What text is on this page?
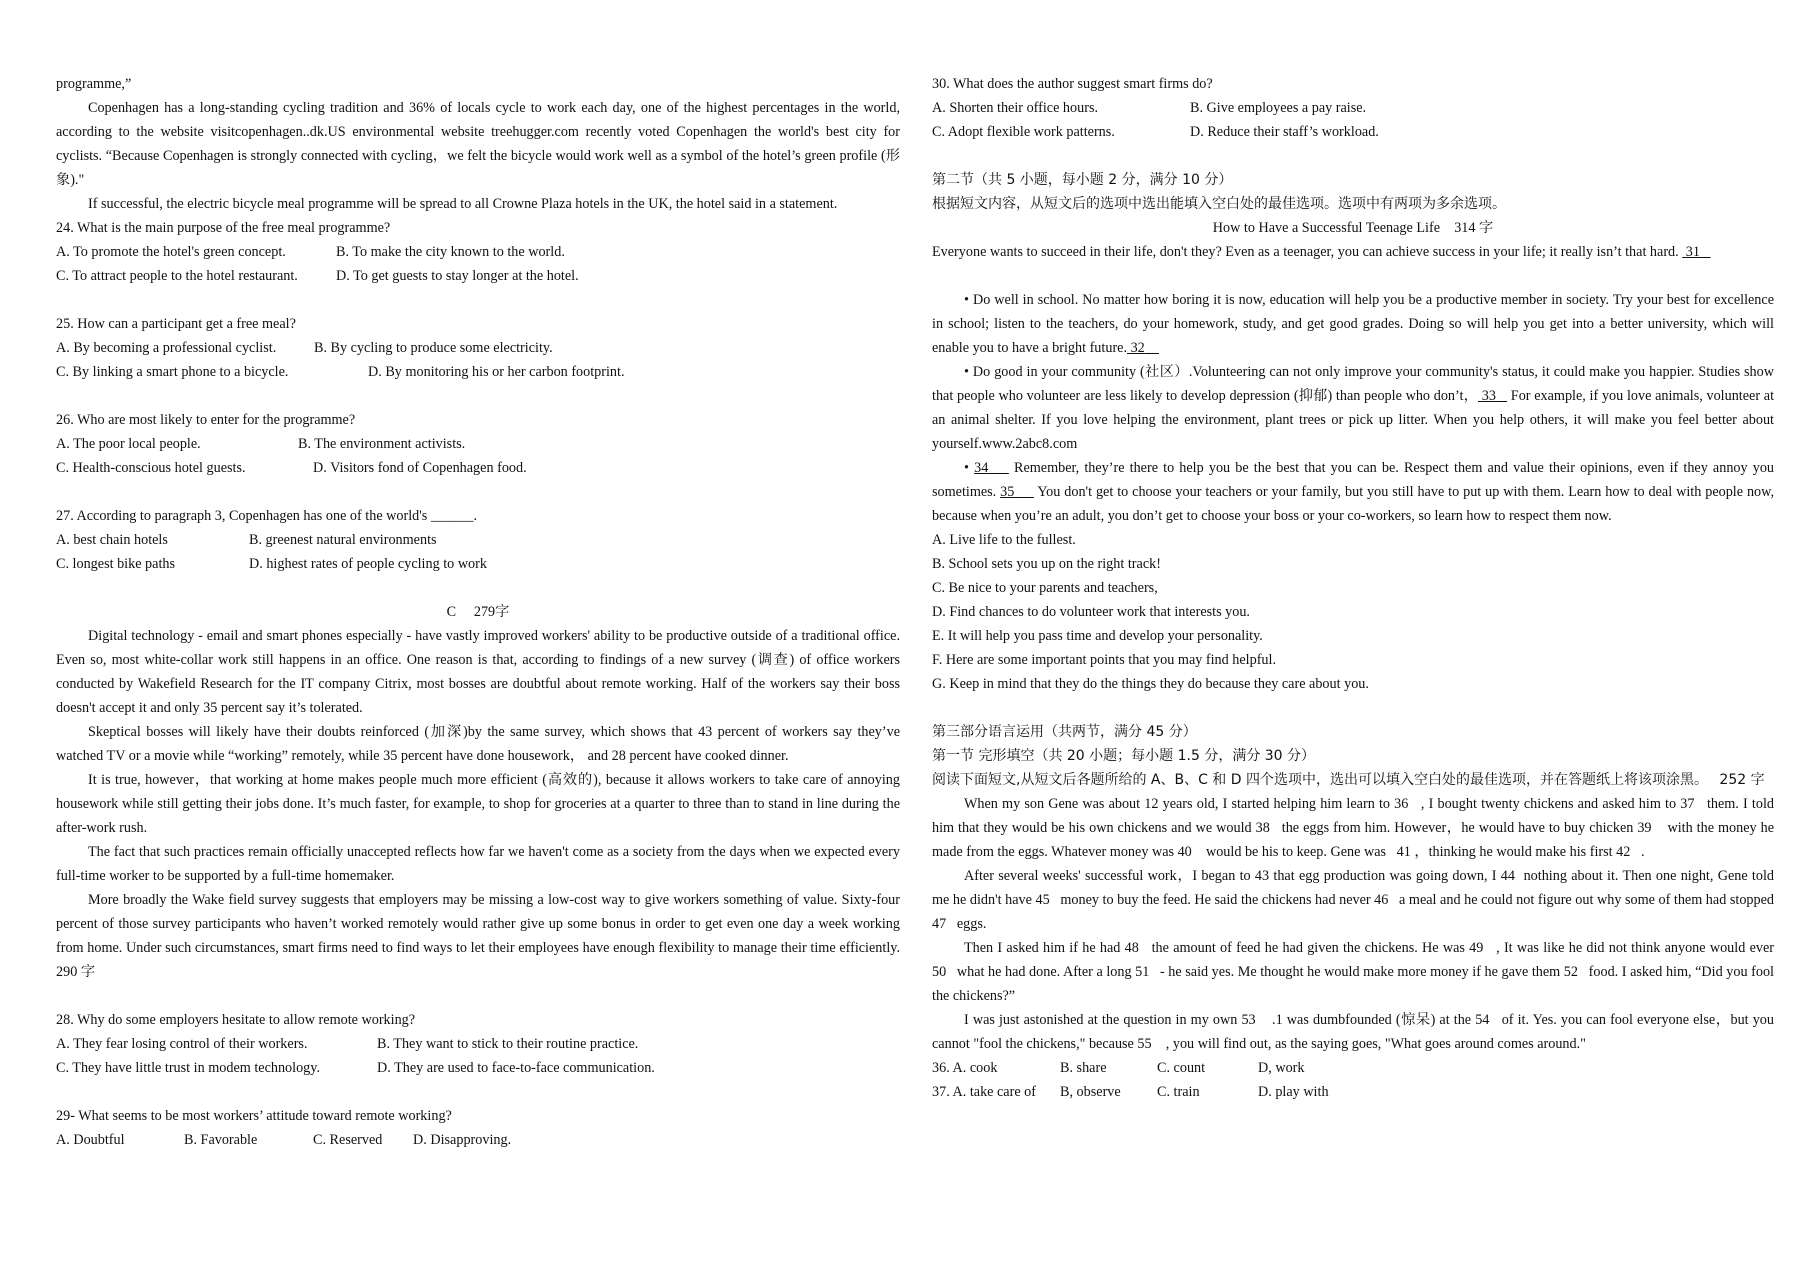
programme,”

Copenhagen has a long-standing cycling tradition and 36% of locals cycle to work each day, one of the highest percentages in the world, according to the website visitcopenhagen..dk.US environmental website treehugger.com recently voted Copenhagen the world's best city for cyclists. “Because Copenhagen is strongly connected with cycling，we felt the bicycle would work well as a symbol of the hotel’s green profile (形象)."

If successful, the electric bicycle meal programme will be spread to all Crowne Plaza hotels in the UK, the hotel said in a statement.

24. What is the main purpose of the free meal programme?

A. To promote the hotel's green concept.	B. To make the city known to the world.

C. To attract people to the hotel restaurant.	D. To get guests to stay longer at the hotel.

25. How can a participant get a free meal?

A. By becoming a professional cyclist.	B. By cycling to produce some electricity.

C. By linking a smart phone to a bicycle.	D. By monitoring his or her carbon footprint.

26. Who are most likely to enter for the programme?

A. The poor local people.	B. The environment activists.

C. Health-conscious hotel guests.	D. Visitors fond of Copenhagen food.

27. According to paragraph 3, Copenhagen has one of the world's ______.

A. best chain hotels	B. greenest natural environments

C. longest bike paths	D. highest rates of people cycling to work

C　 279字

Digital technology - email and smart phones especially - have vastly improved workers' ability to be productive outside of a traditional office. Even so, most white-collar work still happens in an office. One reason is that, according to findings of a new survey (调查) of office workers conducted by Wakefield Research for the IT company Citrix, most bosses are doubtful about remote working. Half of the workers say their boss doesn't accept it and only 35 percent say it’s tolerated.

Skeptical bosses will likely have their doubts reinforced (加深)by the same survey, which shows that 43 percent of workers say they’ve watched TV or a movie while “working” remotely, while 35 percent have done housework， and 28 percent have cooked dinner.

It is true, however，that working at home makes people much more efficient (高效的), because it allows workers to take care of annoying housework while still getting their jobs done. It’s much faster, for example, to shop for groceries at a quarter to three than to stand in line during the after-work rush.

The fact that such practices remain officially unaccepted reflects how far we haven't come as a society from the days when we expected every full-time worker to be supported by a full-time homemaker.

More broadly the Wake field survey suggests that employers may be missing a low-cost way to give workers something of value. Sixty-four percent of those survey participants who haven’t worked remotely would rather give up some bonus in order to get even one day a week working from home. Under such circumstances, smart firms need to find ways to let their employees have enough flexibility to manage their time efficiently.　　290 字

28. Why do some employers hesitate to allow remote working?

A. They fear losing control of their workers.	B. They want to stick to their routine practice.

C. They have little trust in modem technology.	D. They are used to face-to-face communication.

29- What seems to be most workers’ attitude toward remote working?

A. Doubtful	B. Favorable	C. Reserved	D. Disapproving.

30. What does the author suggest smart firms do?

A. Shorten their office hours.	B. Give employees a pay raise.

C. Adopt flexible work patterns.	D. Reduce their staff’s workload.

第二节（共 5 小题，每小题 2 分，满分 10 分）

根据短文内容，从短文后的选项中选出能填入空白处的最佳选项。选项中有两项为多余选项。

How to Have a Successful Teenage Life　314 字

Everyone wants to succeed in their life, don't they? Even as a teenager, you can achieve success in your life; it really isn’t that hard. 31

• Do well in school. No matter how boring it is now, education will help you be a productive member in society. Try your best for excellence in school; listen to the teachers, do your homework, study, and get good grades. Doing so will help you get into a better university, which will enable you to have a bright future. 32

• Do good in your community (社区）.Volunteering can not only improve your community's status, it could make you happier. Studies show that people who volunteer are less likely to develop depression (抑郁) than people who don’t， 33    For example, if you love animals, volunteer at an animal shelter. If you love helping the environment, plant trees or pick up litter. When you help others, it will make you feel better about yourself.www.2abc8.com

• 34     Remember, they’re there to help you be the best that you can be. Respect them and value their opinions, even if they annoy you sometimes. 35      You don't get to choose your teachers or your family, but you still have to put up with them. Learn how to deal with people now, because when you’re an adult, you don’t get to choose your boss or your co-workers, so learn how to respect them now.

A. Live life to the fullest.

B. School sets you up on the right track!

C. Be nice to your parents and teachers,

D. Find chances to do volunteer work that interests you.

E. It will help you pass time and develop your personality.

F. Here are some important points that you may find helpful.

G. Keep in mind that they do the things they do because they care about you.

第三部分语言运用（共两节，满分 45 分）

第一节 完形填空（共 20 小题；每小题 1.5 分，满分 30 分）

阅读下面短文,从短文后各题所给的 A、B、C 和 D 四个选项中，选出可以填入空白处的最佳选项，并在答题纸上将该项涂黑。　 252 字

When my son Gene was about 12 years old, I started helping him learn to 36   , I bought twenty chickens and asked him to 37   them. I told him that they would be his own chickens and we would 38   the eggs from him. However，he would have to buy chicken 39    with the money he made from the eggs. Whatever money was 40    would be his to keep. Gene was   41 ，thinking he would make his first 42   .

After several weeks' successful work，I began to 43 that egg production was going down, I 44  nothing about it. Then one night, Gene told me he didn't have 45   money to buy the feed. He said the chickens had never 46   a meal and he could not figure out why some of them had stopped 47   eggs.

Then I asked him if he had 48   the amount of feed he had given the chickens. He was 49   , It was like he did not think anyone would ever 50   what he had done. After a long 51   - he said yes. Me thought he would make more money if he gave them 52   food. I asked him, “Did you fool the chickens?”

I was just astonished at the question in my own 53    .1 was dumbfounded (惊呆) at the 54   of it. Yes. you can fool everyone else，but you cannot "fool the chickens," because 55    , you will find out, as the saying goes, "What goes around comes around."

36. A. cook	B. share	C. count	D, work

37. A. take care of	B, observe	C. train	D. play with
